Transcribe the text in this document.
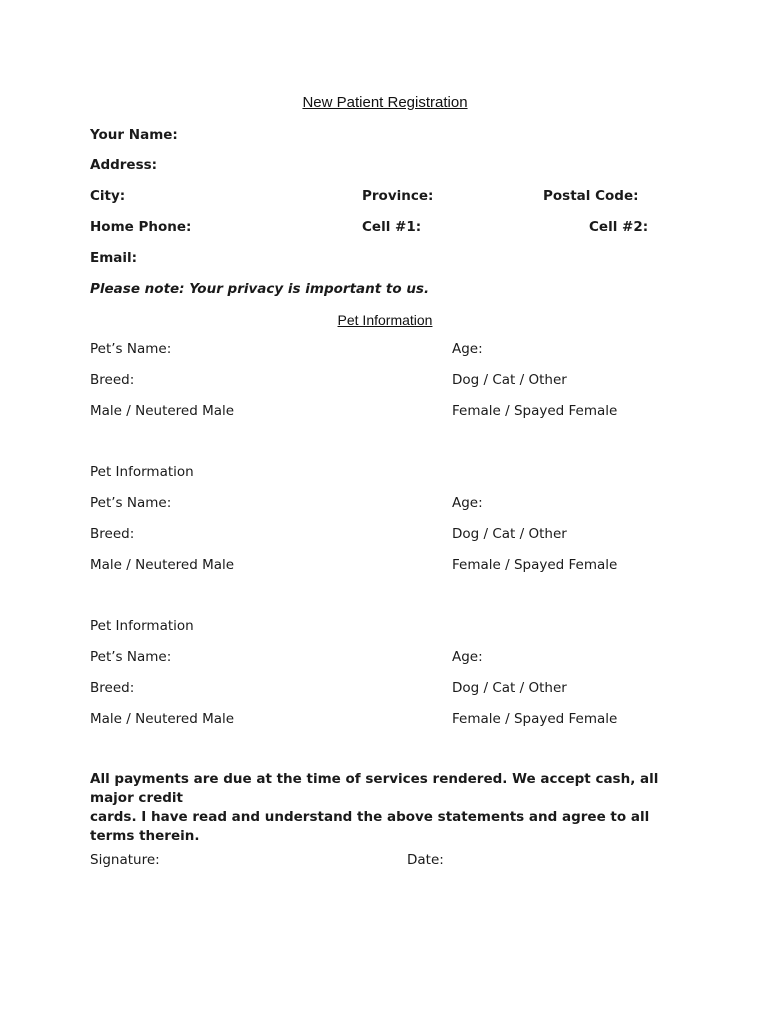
New Patient Registration
Your Name:
Address:
City:	Province:	Postal Code:
Home Phone:	Cell #1:	Cell #2:
Email:
Please note: Your privacy is important to us.
Pet Information
Pet’s Name:	Age:
Breed:	Dog / Cat / Other
Male / Neutered Male	Female / Spayed Female
Pet Information
Pet’s Name:	Age:
Breed:	Dog / Cat / Other
Male / Neutered Male	Female / Spayed Female
Pet Information
Pet’s Name:	Age:
Breed:	Dog / Cat / Other
Male / Neutered Male	Female / Spayed Female
All payments are due at the time of services rendered. We accept cash, all major credit
cards. I have read and understand the above statements and agree to all terms therein.
Signature:	Date:
